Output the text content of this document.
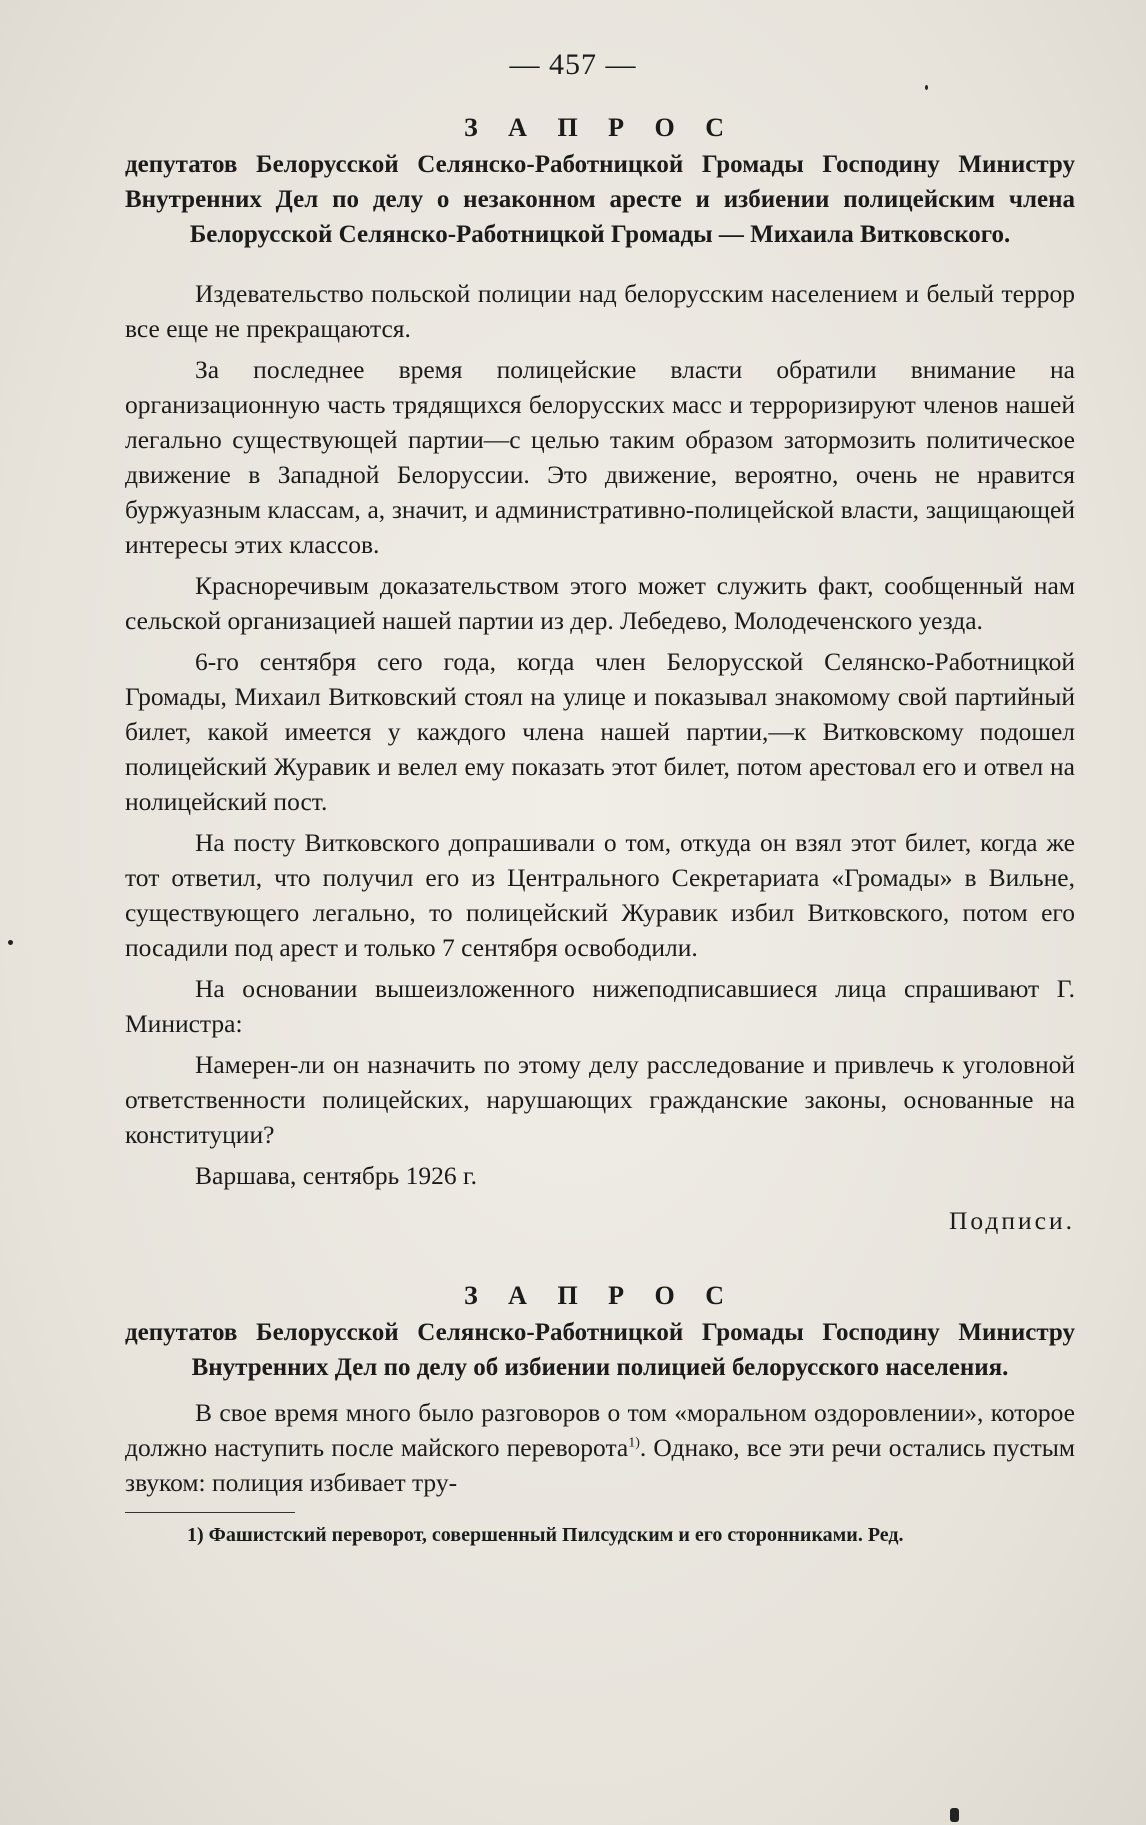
— 457 —
З А П Р О С
депутатов Белорусской Селянско-Работницкой Громады Господину Министру Внутренних Дел по делу о незаконном аресте и избиении полицейским члена Белорусской Селянско-Работницкой Громады — Михаила Витковского.

Издевательство польской полиции над белорусским населением и белый террор все еще не прекращаются.

За последнее время полицейские власти обратили внимание на организационную часть трядящихся белорусских масс и терроризируют членов нашей легально существующей партии—с целью таким образом затормозить политическое движение в Западной Белоруссии. Это движение, вероятно, очень не нравится буржуазным классам, а, значит, и административно-полицейской власти, защищающей интересы этих классов.

Красноречивым доказательством этого может служить факт, сообщенный нам сельской организацией нашей партии из дер. Лебедево, Молодеченского уезда.

6-го сентября сего года, когда член Белорусской Селянско-Работницкой Громады, Михаил Витковский стоял на улице и показывал знакомому свой партийный билет, какой имеется у каждого члена нашей партии,—к Витковскому подошел полицейский Журавик и велел ему показать этот билет, потом арестовал его и отвел на нолицейский пост.

На посту Витковского допрашивали о том, откуда он взял этот билет, когда же тот ответил, что получил его из Центрального Секретариата «Громады» в Вильне, существующего легально, то полицейский Журавик избил Витковского, потом его посадили под арест и только 7 сентября освободили.

На основании вышеизложенного нижеподписавшиеся лица спрашивают Г. Министра:

Намерен-ли он назначить по этому делу расследование и привлечь к уголовной ответственности полицейских, нарушающих гражданские законы, основанные на конституции?

Варшава, сентябрь 1926 г.

Подписи.
З А П Р О С
депутатов Белорусской Селянско-Работницкой Громады Господину Министру Внутренних Дел по делу об избиении полицией белорусского населения.

В свое время много было разговоров о том «моральном оздоровлении», которое должно наступить после майского переворота$^{1)}$. Однако, все эти речи остались пустым звуком: полиция избивает тру-

1) Фашистский переворот, совершенный Пилсудским и его сторонниками. Ред.
